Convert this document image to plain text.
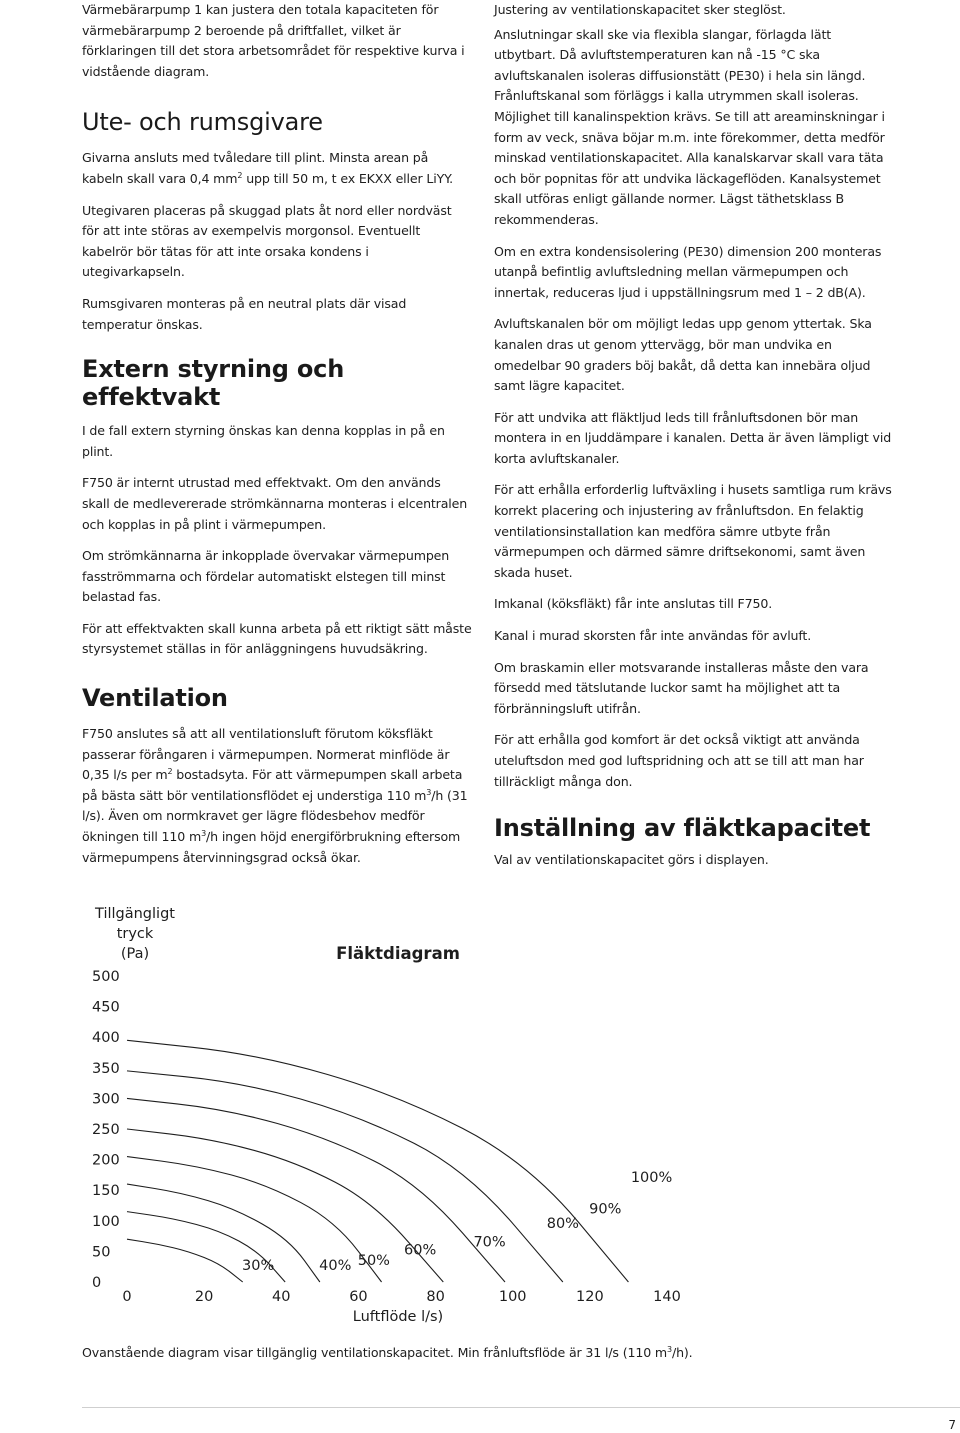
Värmebärarpump 1 kan justera den totala kapaciteten för värmebärarpump 2 beroende på driftfallet, vilket är förklaringen till det stora arbetsområdet för respektive kurva i vidstående diagram.

Ute- och rumsgivare

Givarna ansluts med tvåledare till plint. Minsta arean på kabeln skall vara 0,4 $mm^2$ upp till 50 m, t ex EKXX eller LiYY.

Utegivaren placeras på skuggad plats åt nord eller nordväst för att inte störas av exempelvis morgonsol. Eventuellt kabelrör bör tätas för att inte orsaka kondens i utegivarkapseln.

Rumsgivaren monteras på en neutral plats där visad temperatur önskas.

Extern styrning och effektvakt

I de fall extern styrning önskas kan denna kopplas in på en plint.

F750 är internt utrustad med effektvakt. Om den används skall de medlevererade strömkännarna monteras i elcentralen och kopplas in på plint i värmepumpen.

Om strömkännarna är inkopplade övervakar värmepumpen fasströmmarna och fördelar automatiskt elstegen till minst belastad fas.

För att effektvakten skall kunna arbeta på ett riktigt sätt måste styrsystemet ställas in för anläggningens huvudsäkring.

Ventilation

F750 anslutes så att all ventilationsluft förutom köksfläkt passerar förångaren i värmepumpen. Normerat minflöde är 0,35 l/s per $m^2$ bostadsyta. För att värmepumpen skall arbeta på bästa sätt bör ventilationsflödet ej understiga 110 $m^3/h$ (31 l/s). Även om normkravet ger lägre flödesbehov medför ökningen till 110 $m^3/h$ ingen höjd energiförbrukning eftersom värmepumpens återvinningsgrad också ökar.

Justering av ventilationskapacitet sker steglöst.

Anslutningar skall ske via flexibla slangar, förlagda lätt utbytbart. Då avluftstemperaturen kan nå -15 °C ska avluftskanalen isoleras diffusionstätt (PE30) i hela sin längd. Frånluftskanal som förläggs i kalla utrymmen skall isoleras. Möjlighet till kanalinspektion krävs. Se till att areaminskningar i form av veck, snäva böjar m.m. inte förekommer, detta medför minskad ventilationskapacitet. Alla kanalskarvar skall vara täta och bör popnitas för att undvika läckageflöden. Kanalsystemet skall utföras enligt gällande normer. Lägst täthetsklass B rekommenderas.

Om en extra kondensisolering (PE30) dimension 200 monteras utanpå befintlig avluftsledning mellan värmepumpen och innertak, reduceras ljud i uppställningsrum med 1 – 2 dB(A).

Avluftskanalen bör om möjligt ledas upp genom yttertak. Ska kanalen dras ut genom yttervägg, bör man undvika en omedelbar 90 graders böj bakåt, då detta kan innebära oljud samt lägre kapacitet.

För att undvika att fläktljud leds till frånluftsdonen bör man montera in en ljuddämpare i kanalen. Detta är även lämpligt vid korta avluftskanaler.

För att erhålla erforderlig luftväxling i husets samtliga rum krävs korrekt placering och injustering av frånluftsdon. En felaktig ventilationsinstallation kan medföra sämre utbyte från värmepumpen och därmed sämre driftsekonomi, samt även skada huset.

Imkanal (köksfläkt) får inte anslutas till F750.

Kanal i murad skorsten får inte användas för avluft.

Om braskamin eller motsvarande installeras måste den vara försedd med tätslutande luckor samt ha möjlighet att ta förbränningsluft utifrån.

För att erhålla god komfort är det också viktigt att använda uteluftsdon med god luftspridning och att se till att man har tillräckligt många don.

Inställning av fläktkapacitet

Val av ventilationskapacitet görs i displayen.

Tillgängligt
tryck
(Pa)	Fläktdiagram
0
50
100
150
200
250
300
350
400
450
500
0	20	40	60	80	100	120	140
Luftflöde l/s)
30%	40% 50%
60%	70%
80%
90%
100%

Ovanstående diagram visar tillgänglig ventilationskapacitet. Min frånluftsflöde är 31 l/s (110 $m^3/h$).

7
